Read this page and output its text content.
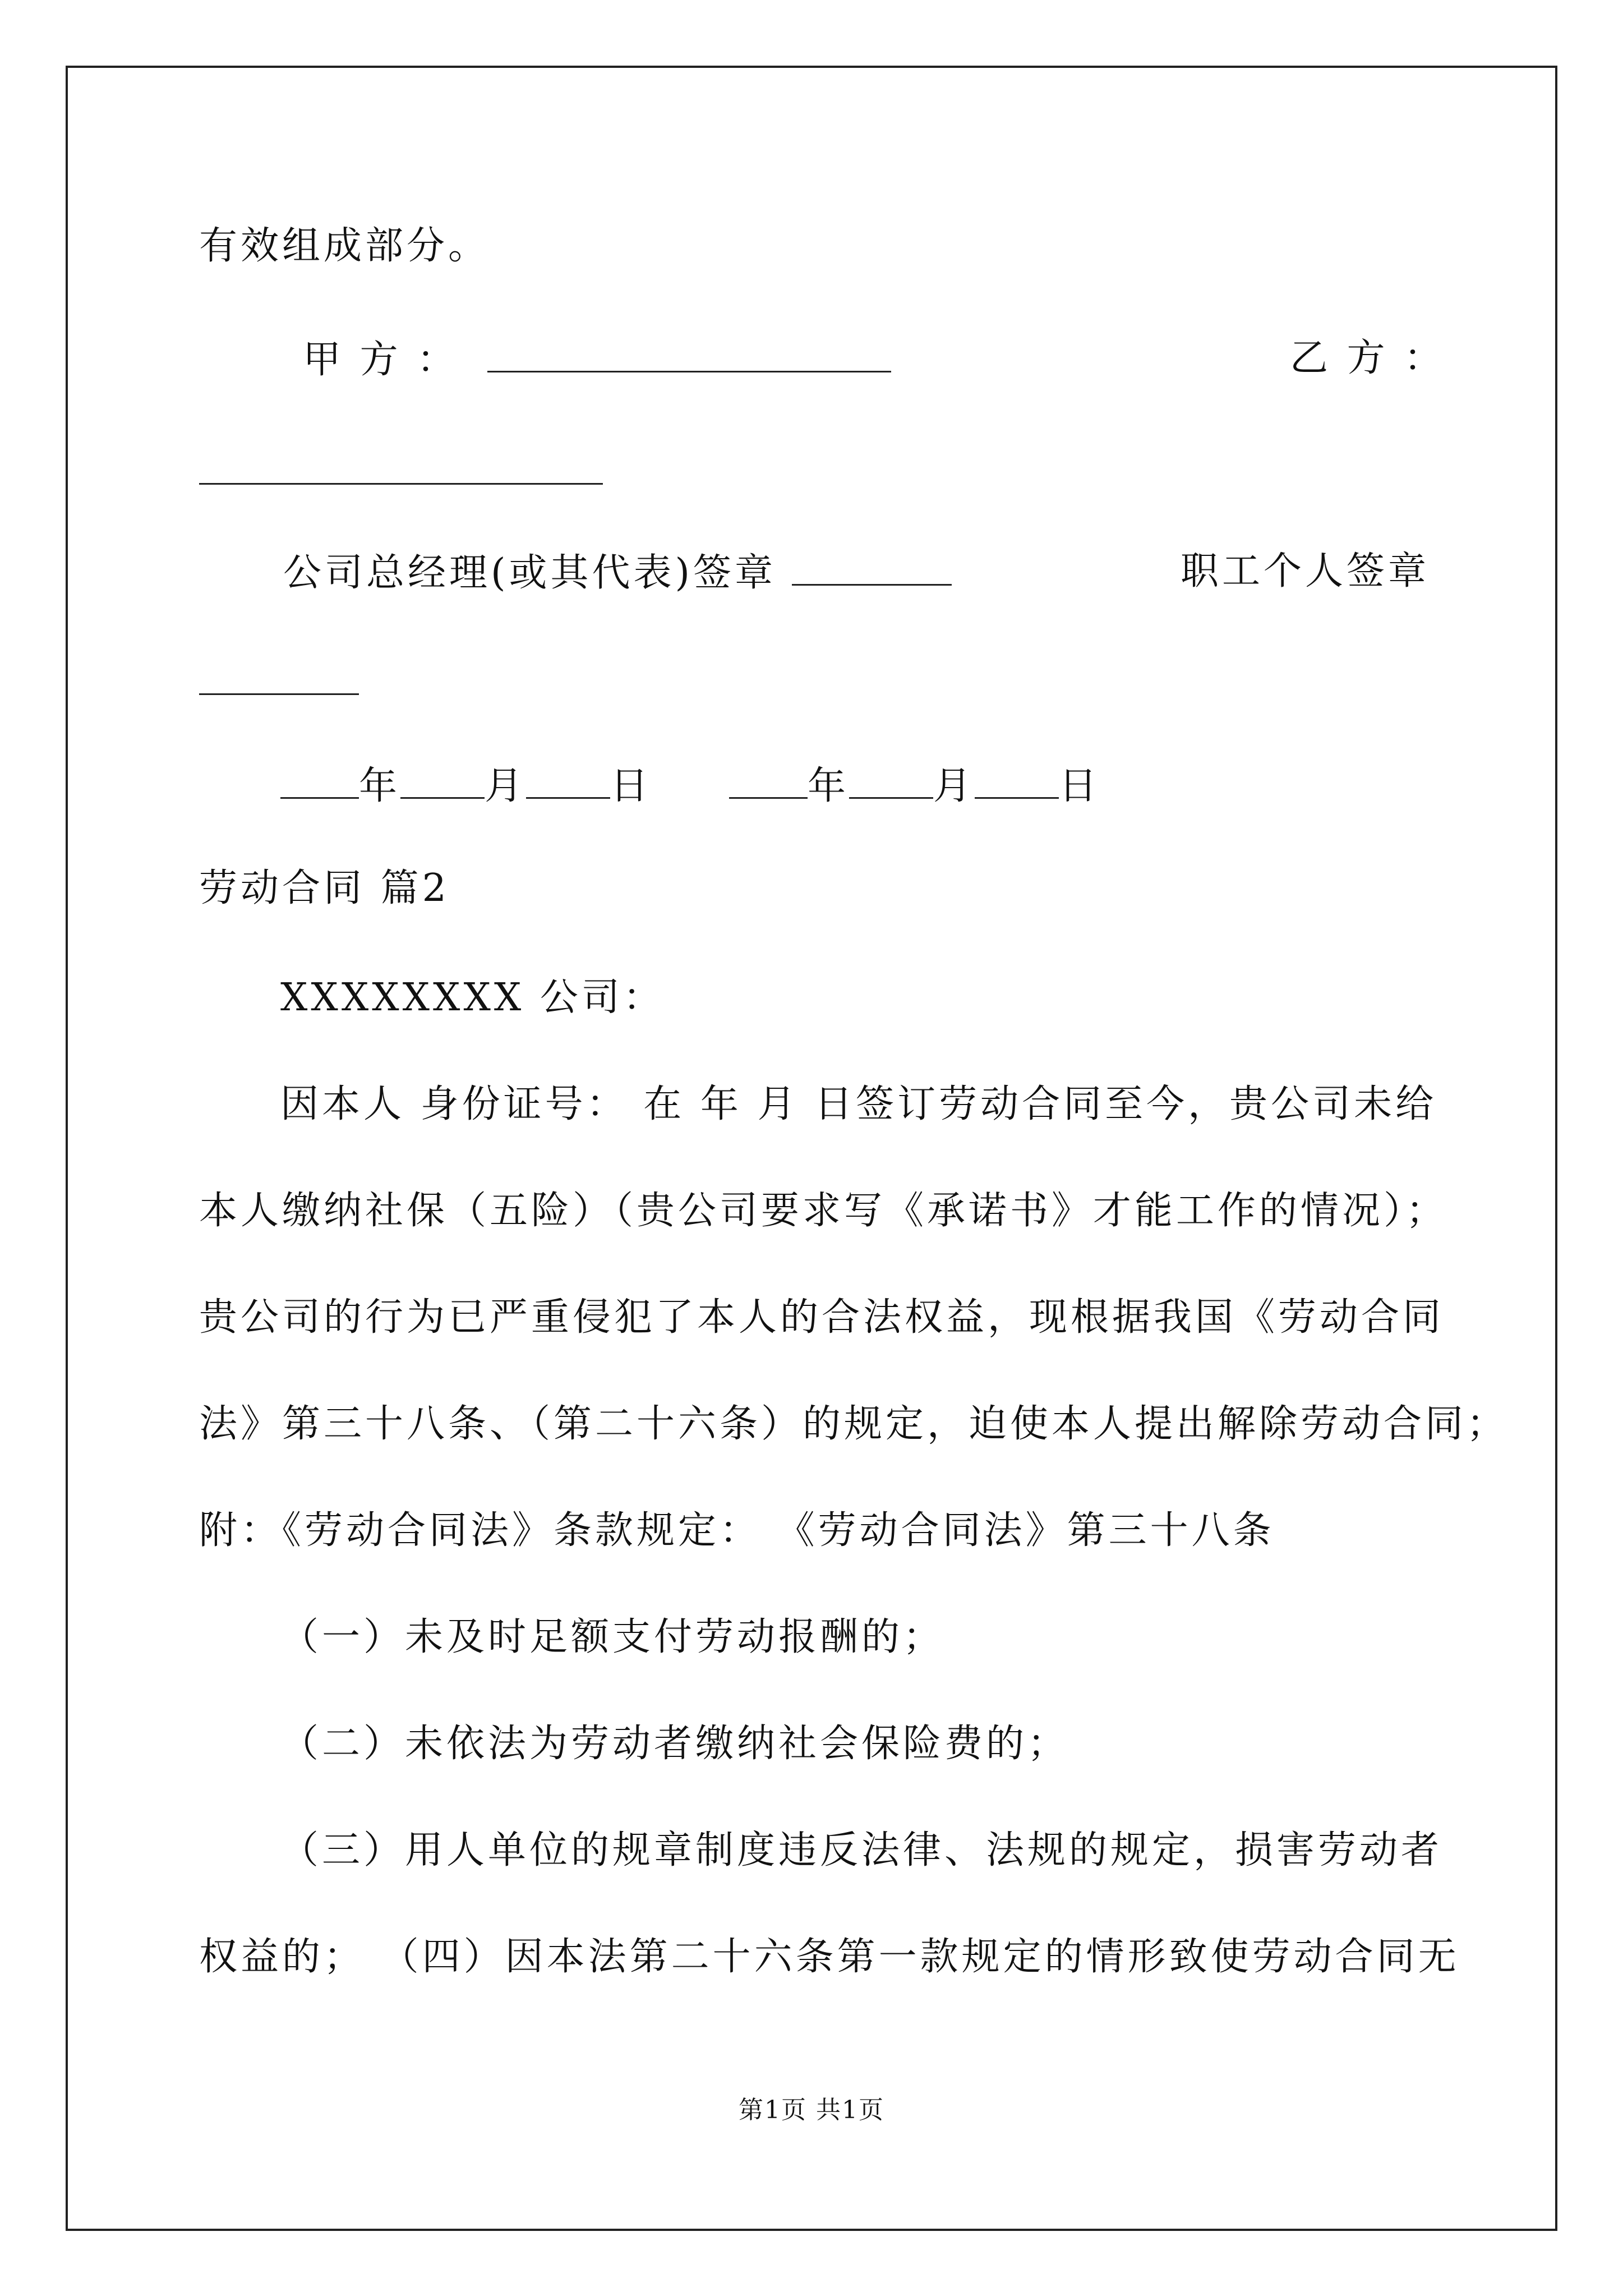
有效组成部分。
甲 方 ：	乙 方 ：
公司总经理(或其代表)签章	职工个人签章
年 月 日	年 月 日
劳动合同 篇2
XXXXXXXX 公司：
因本人 身份证号： 在 年 月 日签订劳动合同至今，贵公司未给
本人缴纳社保（五险）（贵公司要求写《承诺书》才能工作的情况）；
贵公司的行为已严重侵犯了本人的合法权益，现根据我国《劳动合同
法》第三十八条、（第二十六条）的规定，迫使本人提出解除劳动合同；
附：《劳动合同法》条款规定： 《劳动合同法》第三十八条
（一）未及时足额支付劳动报酬的；
（二）未依法为劳动者缴纳社会保险费的；
（三）用人单位的规章制度违反法律、法规的规定，损害劳动者
权益的； （四）因本法第二十六条第一款规定的情形致使劳动合同无
第1页 共1页
